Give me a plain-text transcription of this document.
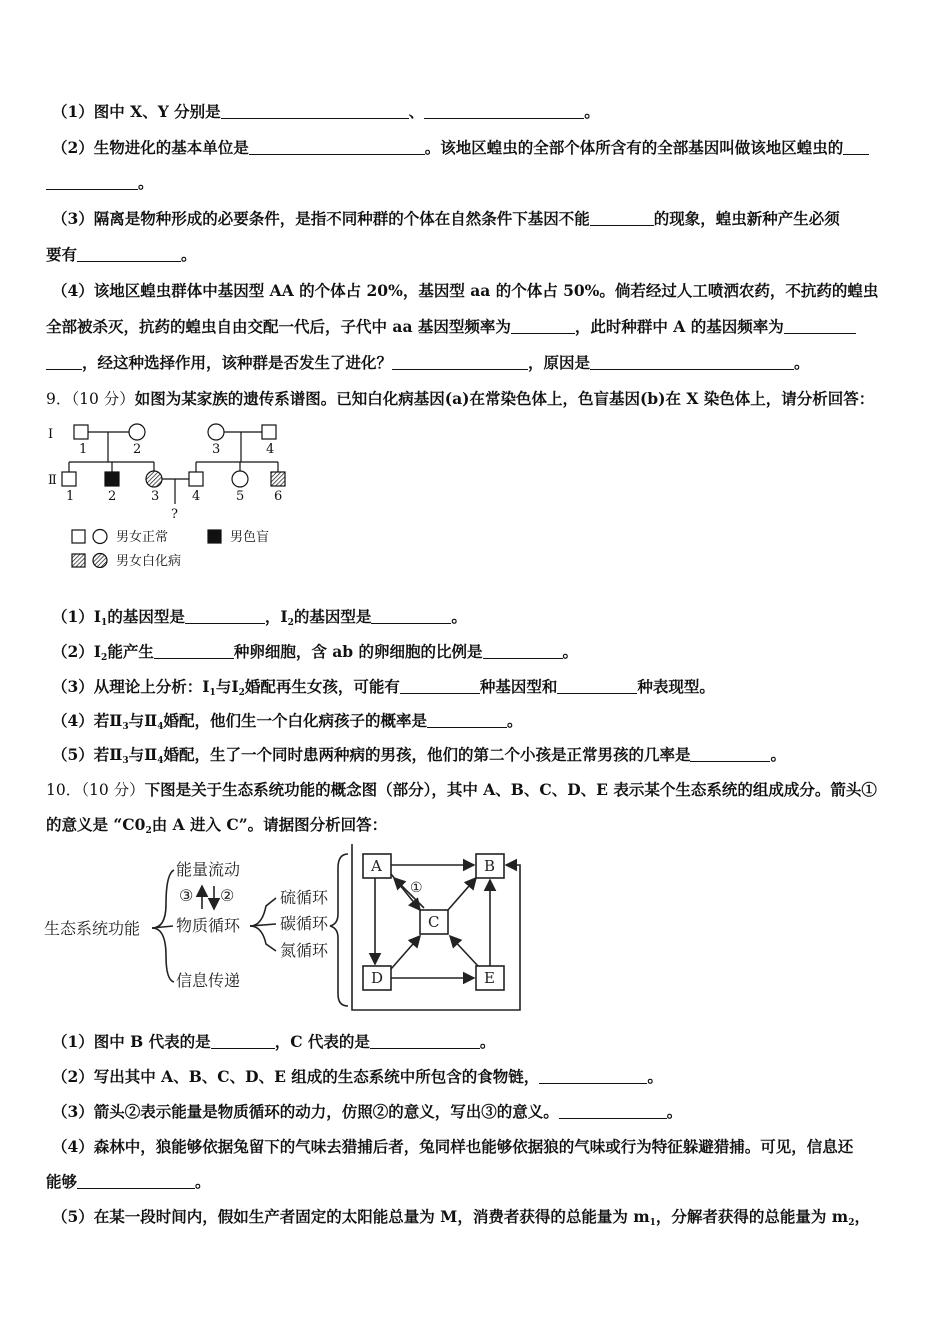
（1）图中 X、Y 分别是	、	。
（2）生物进化的基本单位是	。该地区蝗虫的全部个体所含有的全部基因叫做该地区蝗虫的
。
（3）隔离是物种形成的必要条件，是指不同种群的个体在自然条件下基因不能	的现象，蝗虫新种产生必须
要有	。
（4）该地区蝗虫群体中基因型 AA 的个体占 20%，基因型 aa 的个体占 50%。倘若经过人工喷洒农药，不抗药的蝗虫
全部被杀灭，抗药的蝗虫自由交配一代后，子代中 aa 基因型频率为	，此时种群中 A 的基因频率为
，经这种选择作用，该种群是否发生了进化？	，原因是	。
9．（10 分）如图为某家族的遗传系谱图。已知白化病基因(a)在常染色体上，色盲基因(b)在 X 染色体上，请分析回答：
Ⅰ
Ⅱ
1	2	3	4
1	2	3	4	5 6
?
男女正常	男色盲
男女白化病
$(1)Ⅰ_1$的基因型是	，$Ⅰ_2$的基因型是	。
$(2)Ⅰ_2$能产生	种卵细胞，含 ab 的卵细胞的比例是	。
（3）从理论上分析：$Ⅰ_1$与$Ⅰ_2$婚配再生女孩，可能有	种基因型和	种表现型。
（4）若$Ⅱ_3$与$Ⅱ_4$婚配，他们生一个白化病孩子的概率是	。
（5）若$Ⅱ_3$与$Ⅱ_4$婚配，生了一个同时患两种病的男孩，他们的第二个小孩是正常男孩的几率是	。
10．（10 分）下图是关于生态系统功能的概念图（部分），其中 A、B、C、D、E 表示某个生态系统的组成成分。箭头①
的意义是 “$C0_2$由 A 进入 C”。请据图分析回答：
生态系统功能
能量流动
物质循环
信息传递
③ ②	硫循环
碳循环
氮循环
A	B
C
D	E
①
（1）图中 B 代表的是	，C 代表的是	。
（2）写出其中 A、B、C、D、E 组成的生态系统中所包含的食物链，	。
（3）箭头②表示能量是物质循环的动力，仿照②的意义，写出③的意义。	。
（4）森林中，狼能够依据兔留下的气味去猎捕后者，兔同样也能够依据狼的气味或行为特征躲避猎捕。可见，信息还
能够	。
（5）在某一段时间内，假如生产者固定的太阳能总量为 M，消费者获得的总能量为 $m_1$，分解者获得的总能量为 $m_2$，
